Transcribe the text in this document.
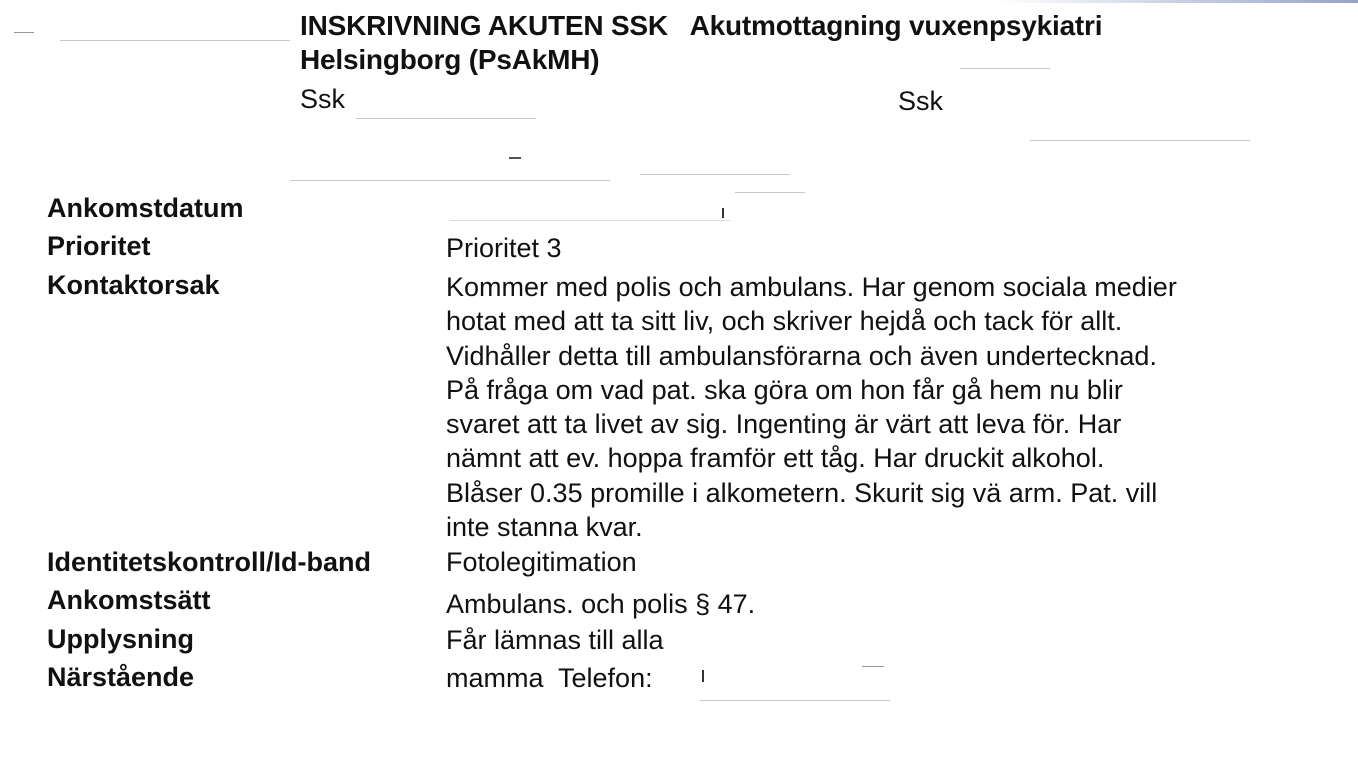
INSKRIVNING AKUTEN SSK   Akutmottagning vuxenpsykiatri
Helsingborg (PsAkMH)
Ssk	Ssk
Ankomstdatum
Prioritet	Prioritet 3
Kontaktorsak	Kommer med polis och ambulans. Har genom sociala medier
hotat med att ta sitt liv, och skriver hejdå och tack för allt.
Vidhåller detta till ambulansförarna och även undertecknad.
På fråga om vad pat. ska göra om hon får gå hem nu blir
svaret att ta livet av sig. Ingenting är värt att leva för. Har
nämnt att ev. hoppa framför ett tåg. Har druckit alkohol.
Blåser 0.35 promille i alkometern. Skurit sig vä arm. Pat. vill
inte stanna kvar.
Identitetskontroll/Id-band	Fotolegitimation
Ankomstsätt	Ambulans. och polis § 47.
Upplysning	Får lämnas till alla
Närstående	mamma  Telefon:
